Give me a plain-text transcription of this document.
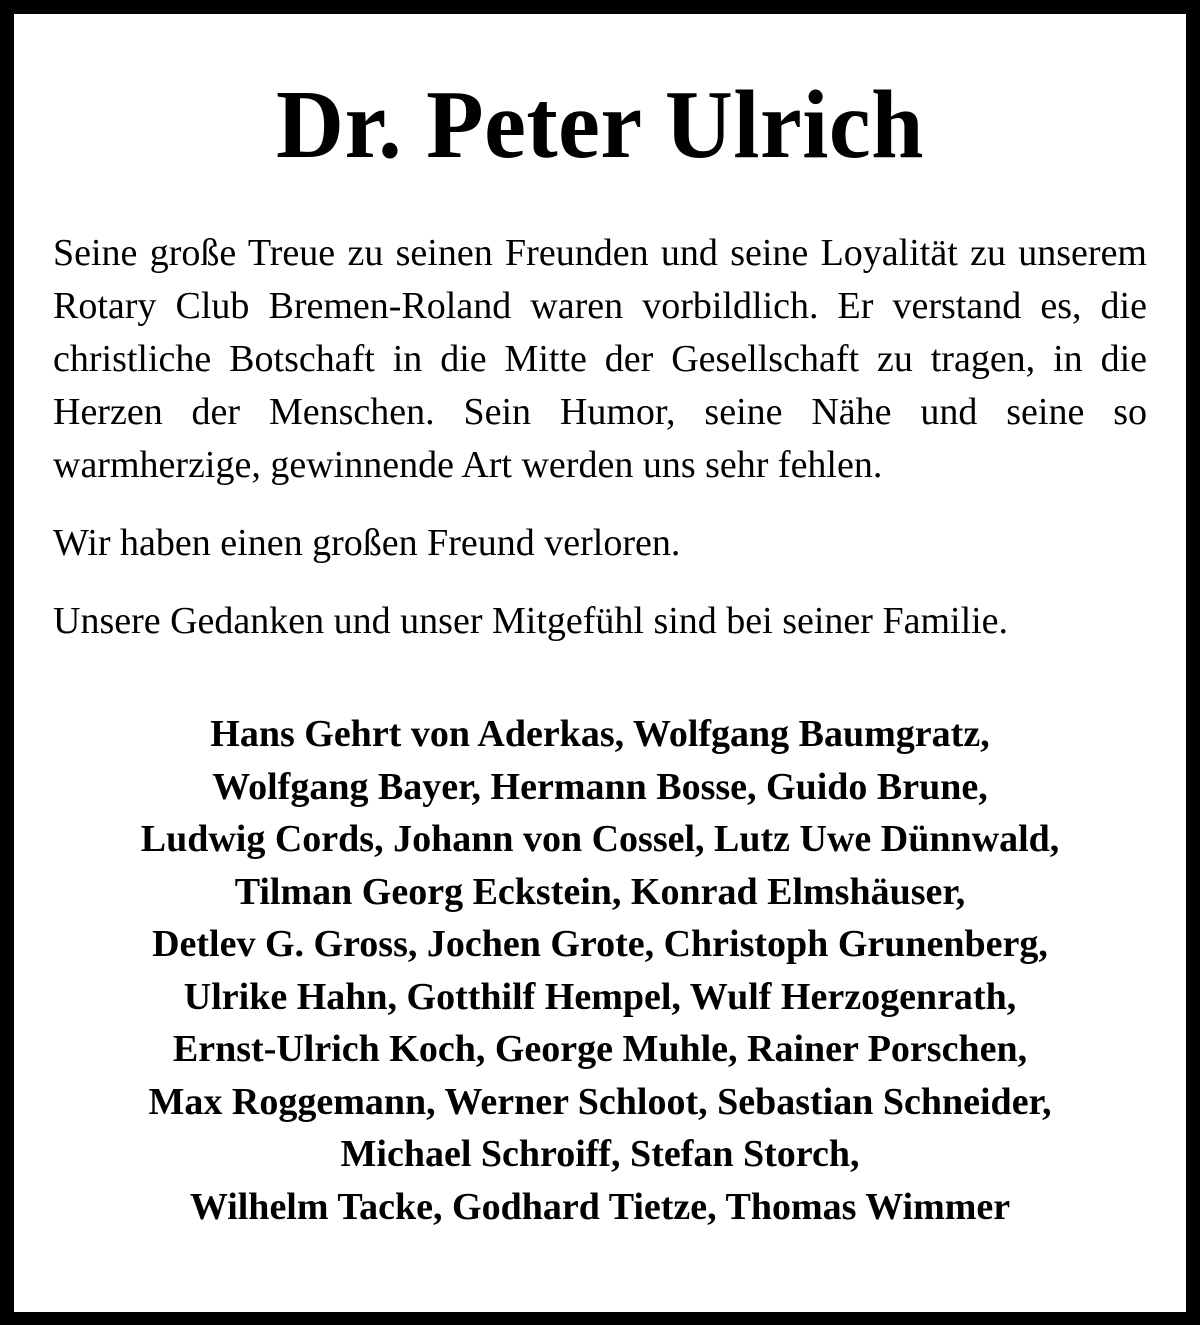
Dr. Peter Ulrich

Seine große Treue zu seinen Freunden und seine Loyalität zu unserem Rotary Club Bremen-Roland waren vorbildlich. Er verstand es, die christliche Botschaft in die Mitte der Gesellschaft zu tragen, in die Herzen der Menschen. Sein Humor, seine Nähe und seine so warmherzige, gewinnende Art werden uns sehr fehlen.

Wir haben einen großen Freund verloren.

Unsere Gedanken und unser Mitgefühl sind bei seiner Familie.

Hans Gehrt von Aderkas, Wolfgang Baumgratz,
Wolfgang Bayer, Hermann Bosse, Guido Brune,
Ludwig Cords, Johann von Cossel, Lutz Uwe Dünnwald,
Tilman Georg Eckstein, Konrad Elmshäuser,
Detlev G. Gross, Jochen Grote, Christoph Grunenberg,
Ulrike Hahn, Gotthilf Hempel, Wulf Herzogenrath,
Ernst-Ulrich Koch, George Muhle, Rainer Porschen,
Max Roggemann, Werner Schloot, Sebastian Schneider,
Michael Schroiff, Stefan Storch,
Wilhelm Tacke, Godhard Tietze, Thomas Wimmer
